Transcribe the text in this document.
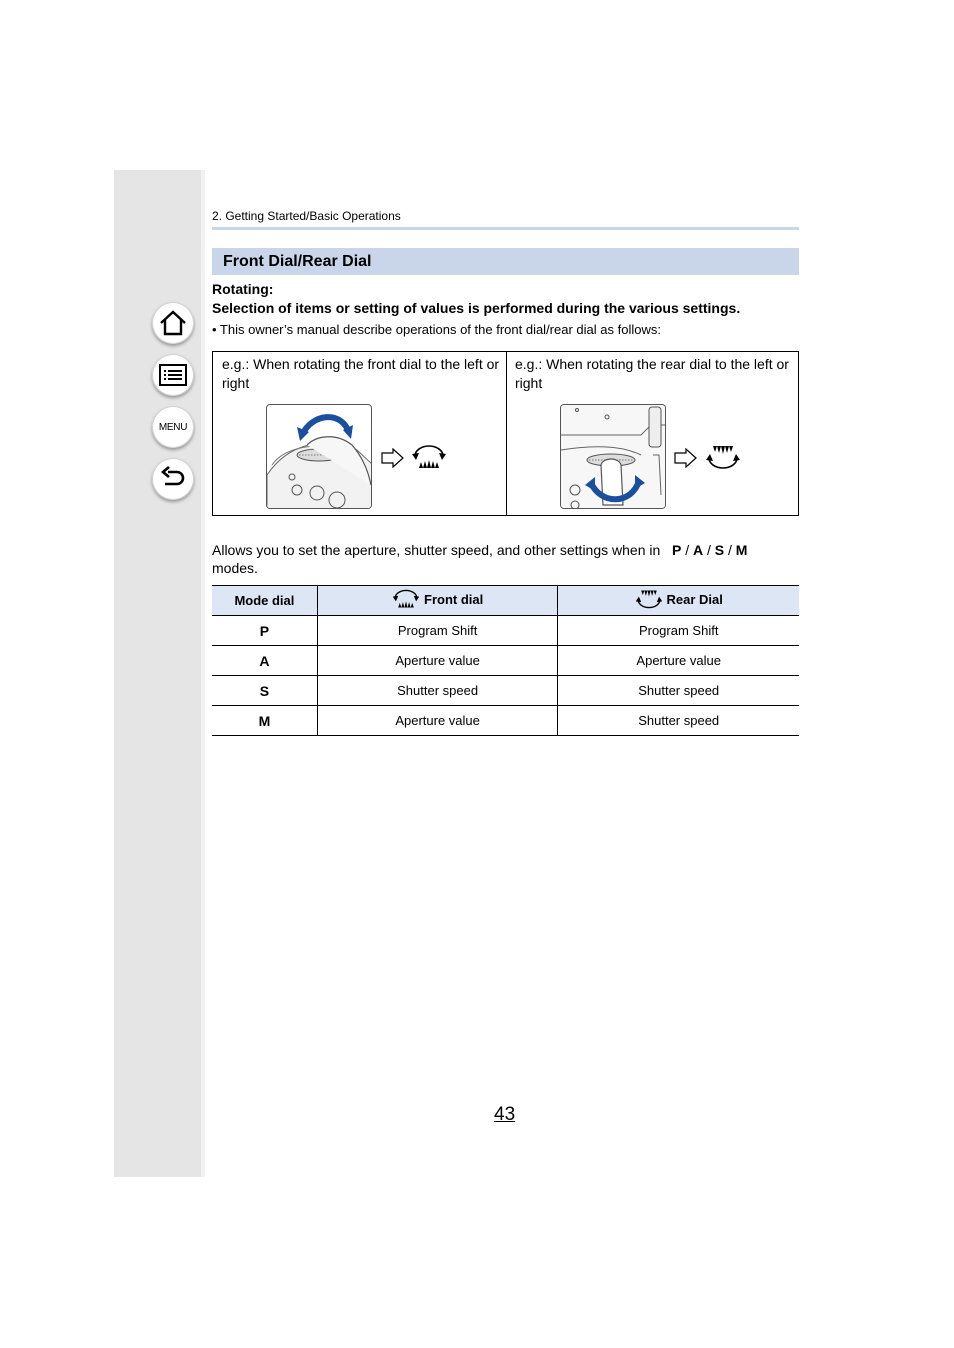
MENU
2. Getting Started/Basic Operations
Front Dial/Rear Dial
Rotating:
Selection of items or setting of values is performed during the various settings.
• This owner’s manual describe operations of the front dial/rear dial as follows:
e.g.: When rotating the front dial to the left or right
e.g.: When rotating the rear dial to the left or right
Allows you to set the aperture, shutter speed, and other settings when in P / A / S / M
modes.
Mode dial	Front dial	Rear Dial

P	Program Shift	Program Shift
A	Aperture value	Aperture value
S	Shutter speed	Shutter speed
M	Aperture value	Shutter speed
43
